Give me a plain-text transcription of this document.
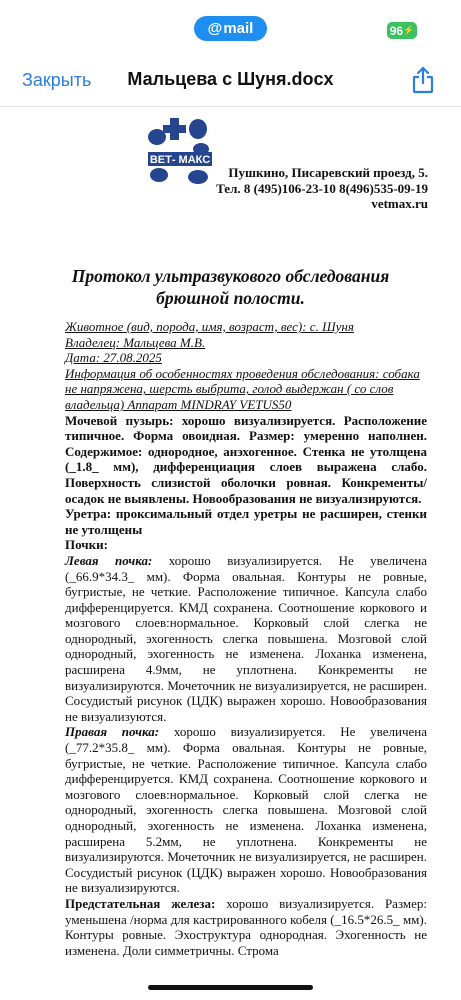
@ mail	96 ⚡
Закрыть	Мальцева с Шуня.docx
ВЕТ- МАКС
Пушкино, Писаревский проезд, 5.
Тел. 8 (495)106-23-10 8(496)535-09-19
vetmax.ru
Протокол ультразвукового обследования
брюшной полости.

Животное (вид, порода, имя, возраст, вес): с. Шуня

Владелец: Мальцева М.В.

Дата: 27.08.2025

Информация об особенностях проведения обследования: собака не напряжена, шерсть выбрита, голод выдержан ( со слов владельца) Аппарат MINDRAY VETUS50

Мочевой пузырь: хорошо визуализируется. Расположение типичное. Форма овоидная. Размер: умеренно наполнен. Содержимое: однородное, анэхогенное. Стенка не утолщена (_1.8_ мм), дифференциация слоев выражена слабо. Поверхность слизистой оболочки ровная. Конкременты/осадок не выявлены. Новообразования не визуализируются.

Уретра: проксимальный отдел уретры не расширен, стенки не утолщены

Почки:

Левая почка: хорошо визуализируется. Не увеличена (_66.9*34.3_ мм). Форма овальная. Контуры не ровные, бугристые, не четкие. Расположение типичное. Капсула слабо дифференцируется. КМД сохранена. Соотношение коркового и мозгового слоев:нормальное. Корковый слой слегка не однородный, эхогенность слегка повышена. Мозговой слой однородный, эхогенность не изменена. Лоханка изменена, расширена 4.9мм, не уплотнена. Конкременты не визуализируются. Мочеточник не визуализируется, не расширен. Сосудистый рисунок (ЦДК) выражен хорошо. Новообразования не визуализуются.

Правая почка: хорошо визуализируется. Не увеличена (_77.2*35.8_ мм). Форма овальная. Контуры не ровные, бугристые, не четкие. Расположение типичное. Капсула слабо дифференцируется. КМД сохранена. Соотношение коркового и мозгового слоев:нормальное. Корковый слой слегка не однородный, эхогенность слегка повышена. Мозговой слой однородный, эхогенность не изменена. Лоханка изменена, расширена 5.2мм, не уплотнена. Конкременты не визуализируются. Мочеточник не визуализируется, не расширен. Сосудистый рисунок (ЦДК) выражен хорошо. Новообразования не визуализируются.

Предстательная железа: хорошо визуализируется. Размер: уменьшена /норма для кастрированного кобеля (_16.5*26.5_ мм). Контуры ровные. Эхоструктура однородная. Эхогенность не изменена. Доли симметричны. Строма
